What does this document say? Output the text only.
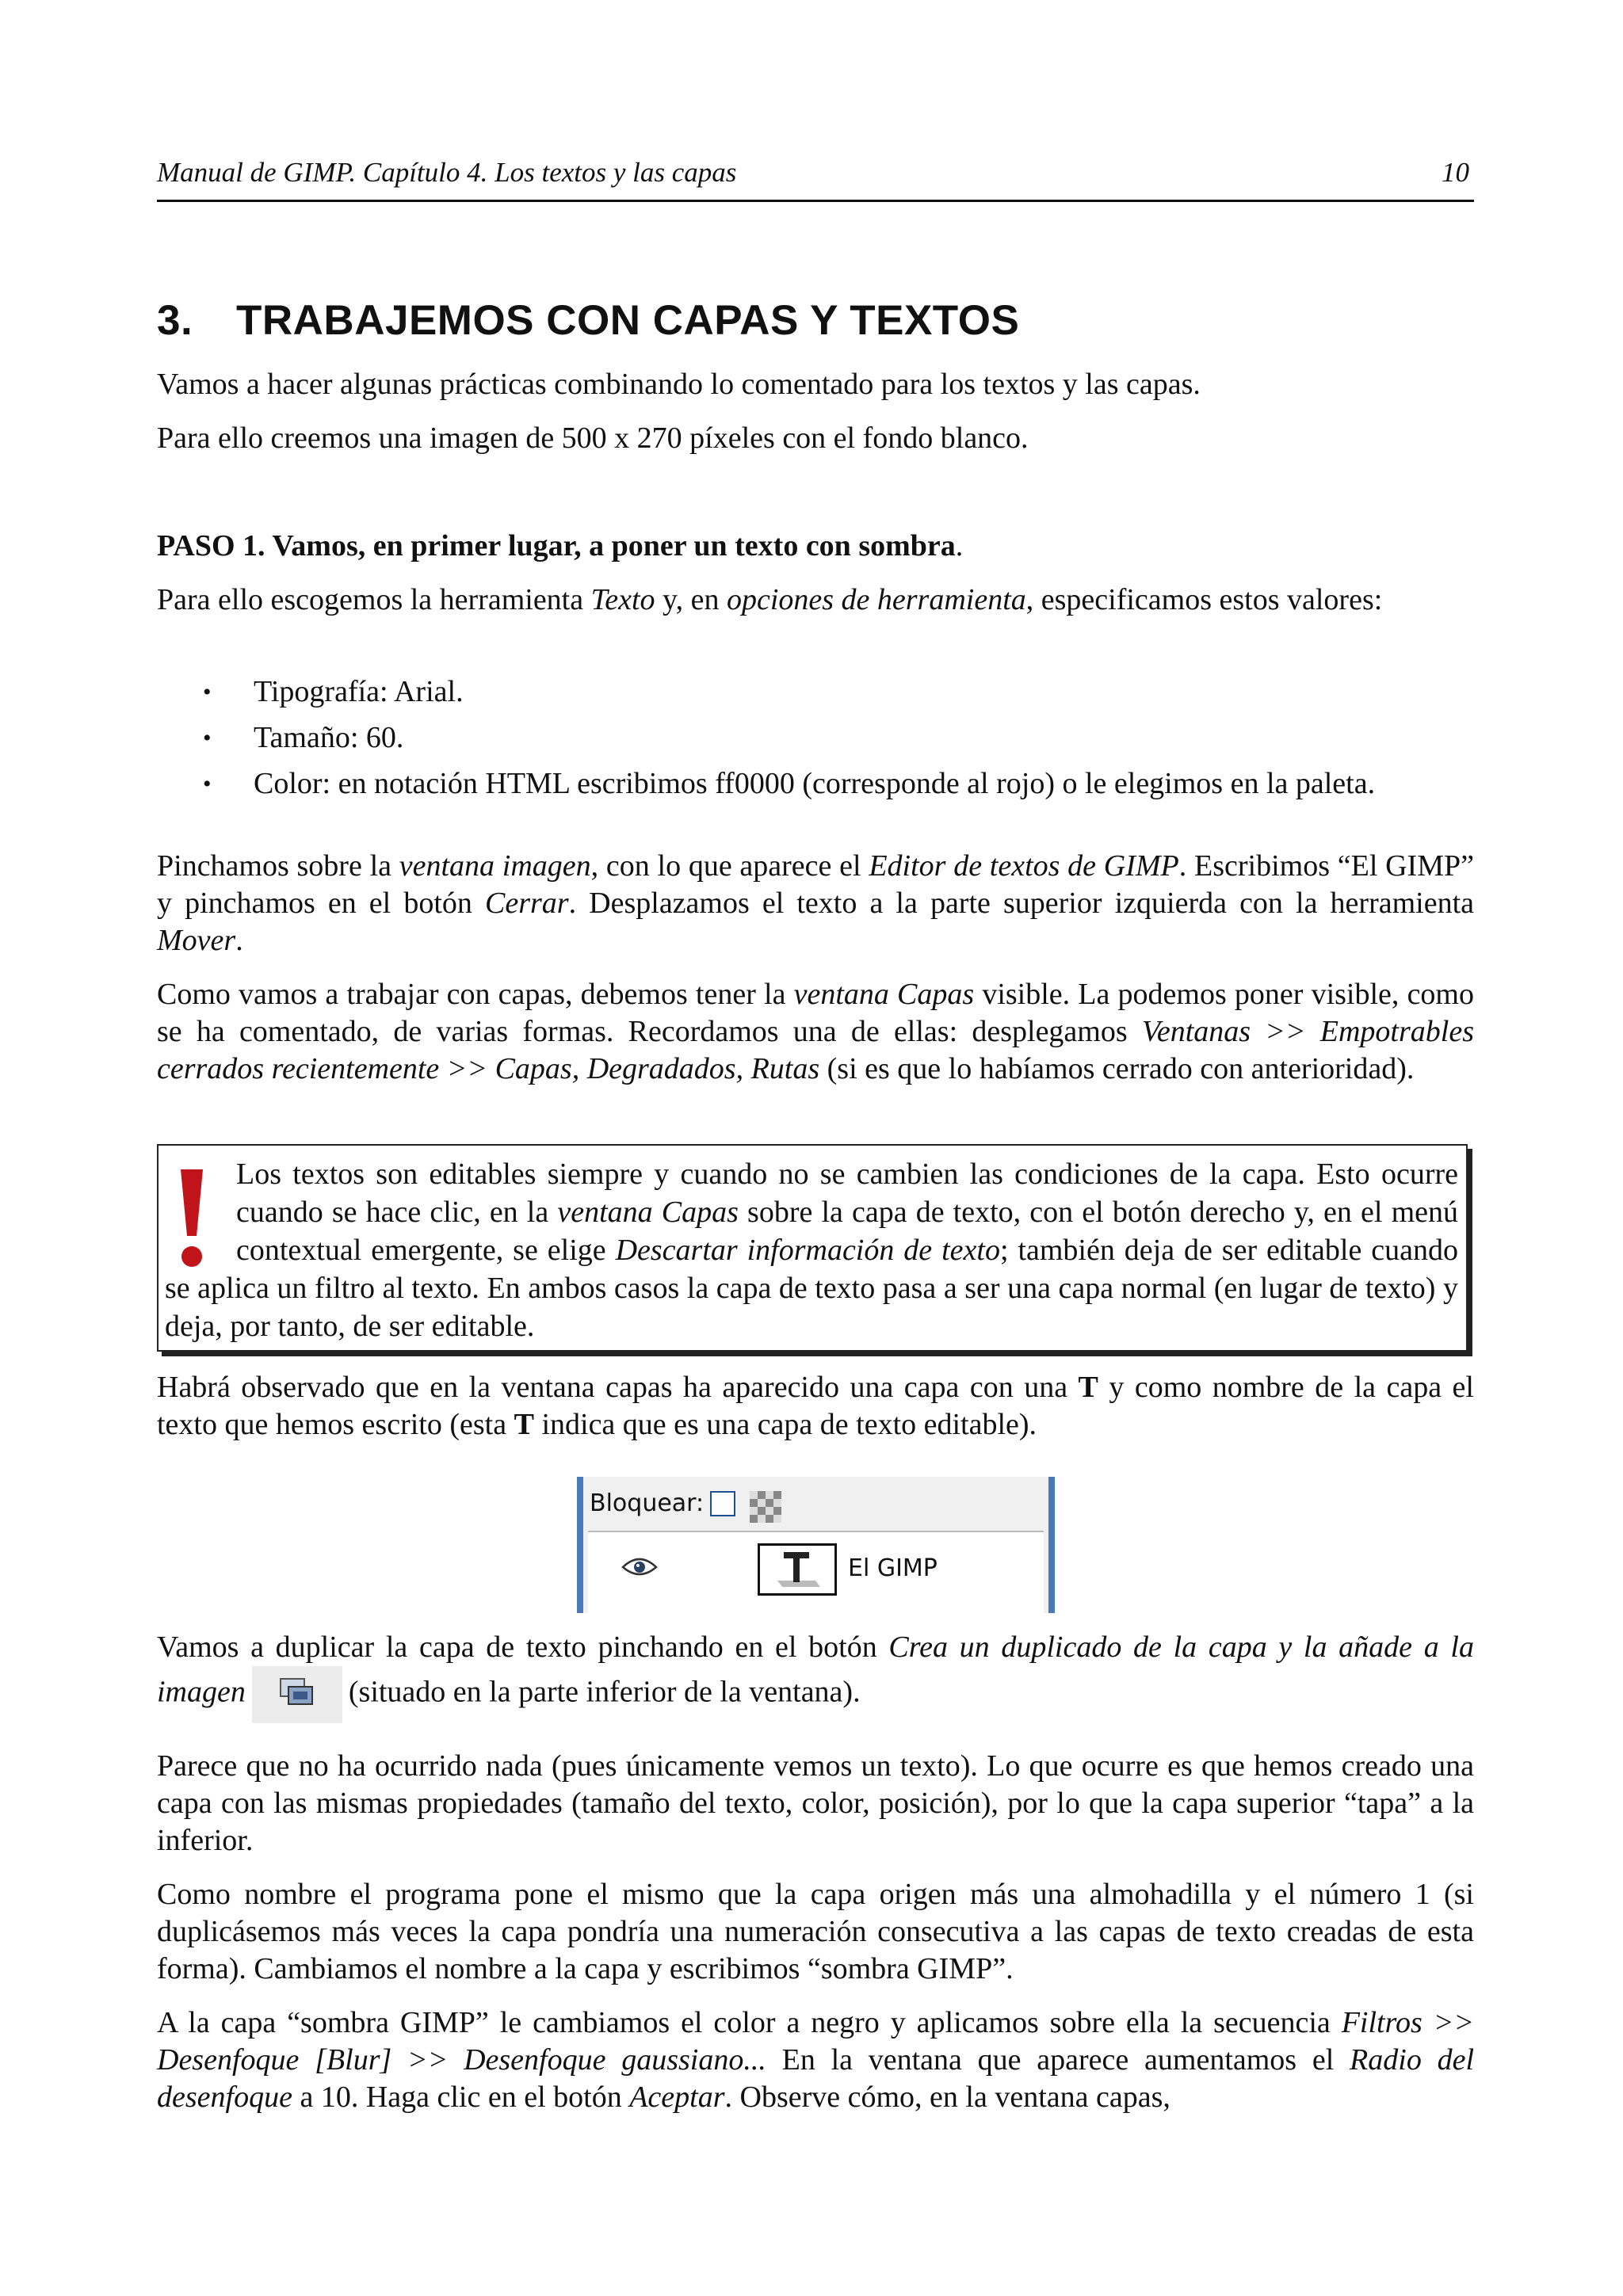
Manual de GIMP. Capítulo 4. Los textos y las capas	10
3. TRABAJEMOS CON CAPAS Y TEXTOS

Vamos a hacer algunas prácticas combinando lo comentado para los textos y las capas.

Para ello creemos una imagen de 500 x 270 píxeles con el fondo blanco.

PASO 1. Vamos, en primer lugar, a poner un texto con sombra.

Para ello escogemos la herramienta Texto y, en opciones de herramienta, especificamos estos valores:

• Tipografía: Arial.
• Tamaño: 60.
• Color: en notación HTML escribimos ff0000 (corresponde al rojo) o le elegimos en la paleta.

Pinchamos sobre la ventana imagen, con lo que aparece el Editor de textos de GIMP. Escribimos “El GIMP” y pinchamos en el botón Cerrar. Desplazamos el texto a la parte superior izquierda con la herramienta Mover.

Como vamos a trabajar con capas, debemos tener la ventana Capas visible. La podemos poner visible, como se ha comentado, de varias formas. Recordamos una de ellas: desplegamos Ventanas >> Empotrables cerrados recientemente >> Capas, Degradados, Rutas (si es que lo habíamos cerrado con anterioridad).

Los textos son editables siempre y cuando no se cambien las condiciones de la capa. Esto ocurre cuando se hace clic, en la ventana Capas sobre la capa de texto, con el botón derecho y, en el menú contextual emergente, se elige Descartar información de texto; también deja de ser editable cuando se aplica un filtro al texto. En ambos casos la capa de texto pasa a ser una capa normal (en lugar de texto) y deja, por tanto, de ser editable.

Habrá observado que en la ventana capas ha aparecido una capa con una T y como nombre de la capa el texto que hemos escrito (esta T indica que es una capa de texto editable).

Bloquear:
El GIMP

Vamos a duplicar la capa de texto pinchando en el botón Crea un duplicado de la capa y la añade a la imagen	(situado en la parte inferior de la ventana).

Parece que no ha ocurrido nada (pues únicamente vemos un texto). Lo que ocurre es que hemos creado una capa con las mismas propiedades (tamaño del texto, color, posición), por lo que la capa superior “tapa” a la inferior.

Como nombre el programa pone el mismo que la capa origen más una almohadilla y el número 1 (si duplicásemos más veces la capa pondría una numeración consecutiva a las capas de texto creadas de esta forma). Cambiamos el nombre a la capa y escribimos “sombra GIMP”.

A la capa “sombra GIMP” le cambiamos el color a negro y aplicamos sobre ella la secuencia Filtros >> Desenfoque [Blur] >> Desenfoque gaussiano... En la ventana que aparece aumentamos el Radio del desenfoque a 10. Haga clic en el botón Aceptar. Observe cómo, en la ventana capas,
